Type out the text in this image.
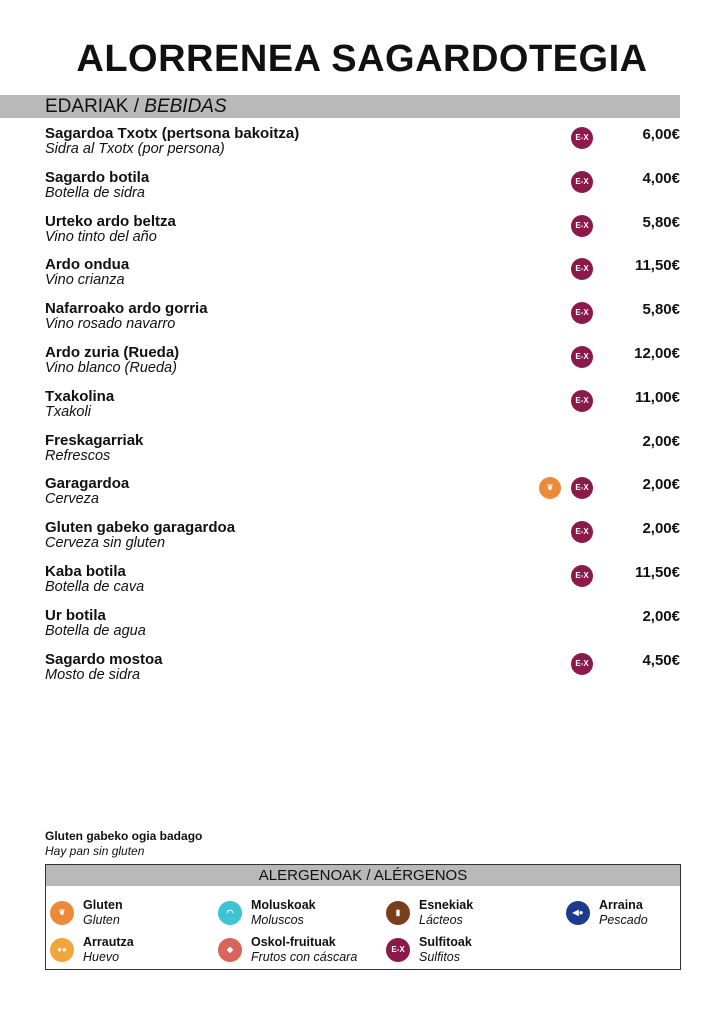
ALORRENEA SAGARDOTEGIA
EDARIAK / BEBIDAS
Sagardoa Txotx (pertsona bakoitza)
Sidra al Txotx (por persona)
6,00€
E-X
Sagardo botila
Botella de sidra
4,00€
E-X
Urteko ardo beltza
Vino tinto del año
5,80€
E-X
Ardo ondua
Vino crianza
11,50€
E-X
Nafarroako ardo gorria
Vino rosado navarro
5,80€
E-X
Ardo zuria (Rueda)
Vino blanco (Rueda)
12,00€
E-X
Txakolina
Txakoli
11,00€
E-X
Freskagarriak
Refrescos
2,00€
Garagardoa
Cerveza
2,00€
❦	E-X
Gluten gabeko garagardoa
Cerveza sin gluten
2,00€
E-X
Kaba botila
Botella de cava
11,50€
E-X
Ur botila
Botella de agua
2,00€
Sagardo mostoa
Mosto de sidra
4,50€
E-X
Gluten gabeko ogia badago
Hay pan sin gluten
ALERGENOAK / ALÉRGENOS
❦
Gluten
Gluten
◠
Moluskoak
Moluscos
▮
Esnekiak
Lácteos
◀●
Arraina
Pescado
●●
Arrautza
Huevo
◆
Oskol-fruituak
Frutos con cáscara
E-X
Sulfitoak
Sulfitos
